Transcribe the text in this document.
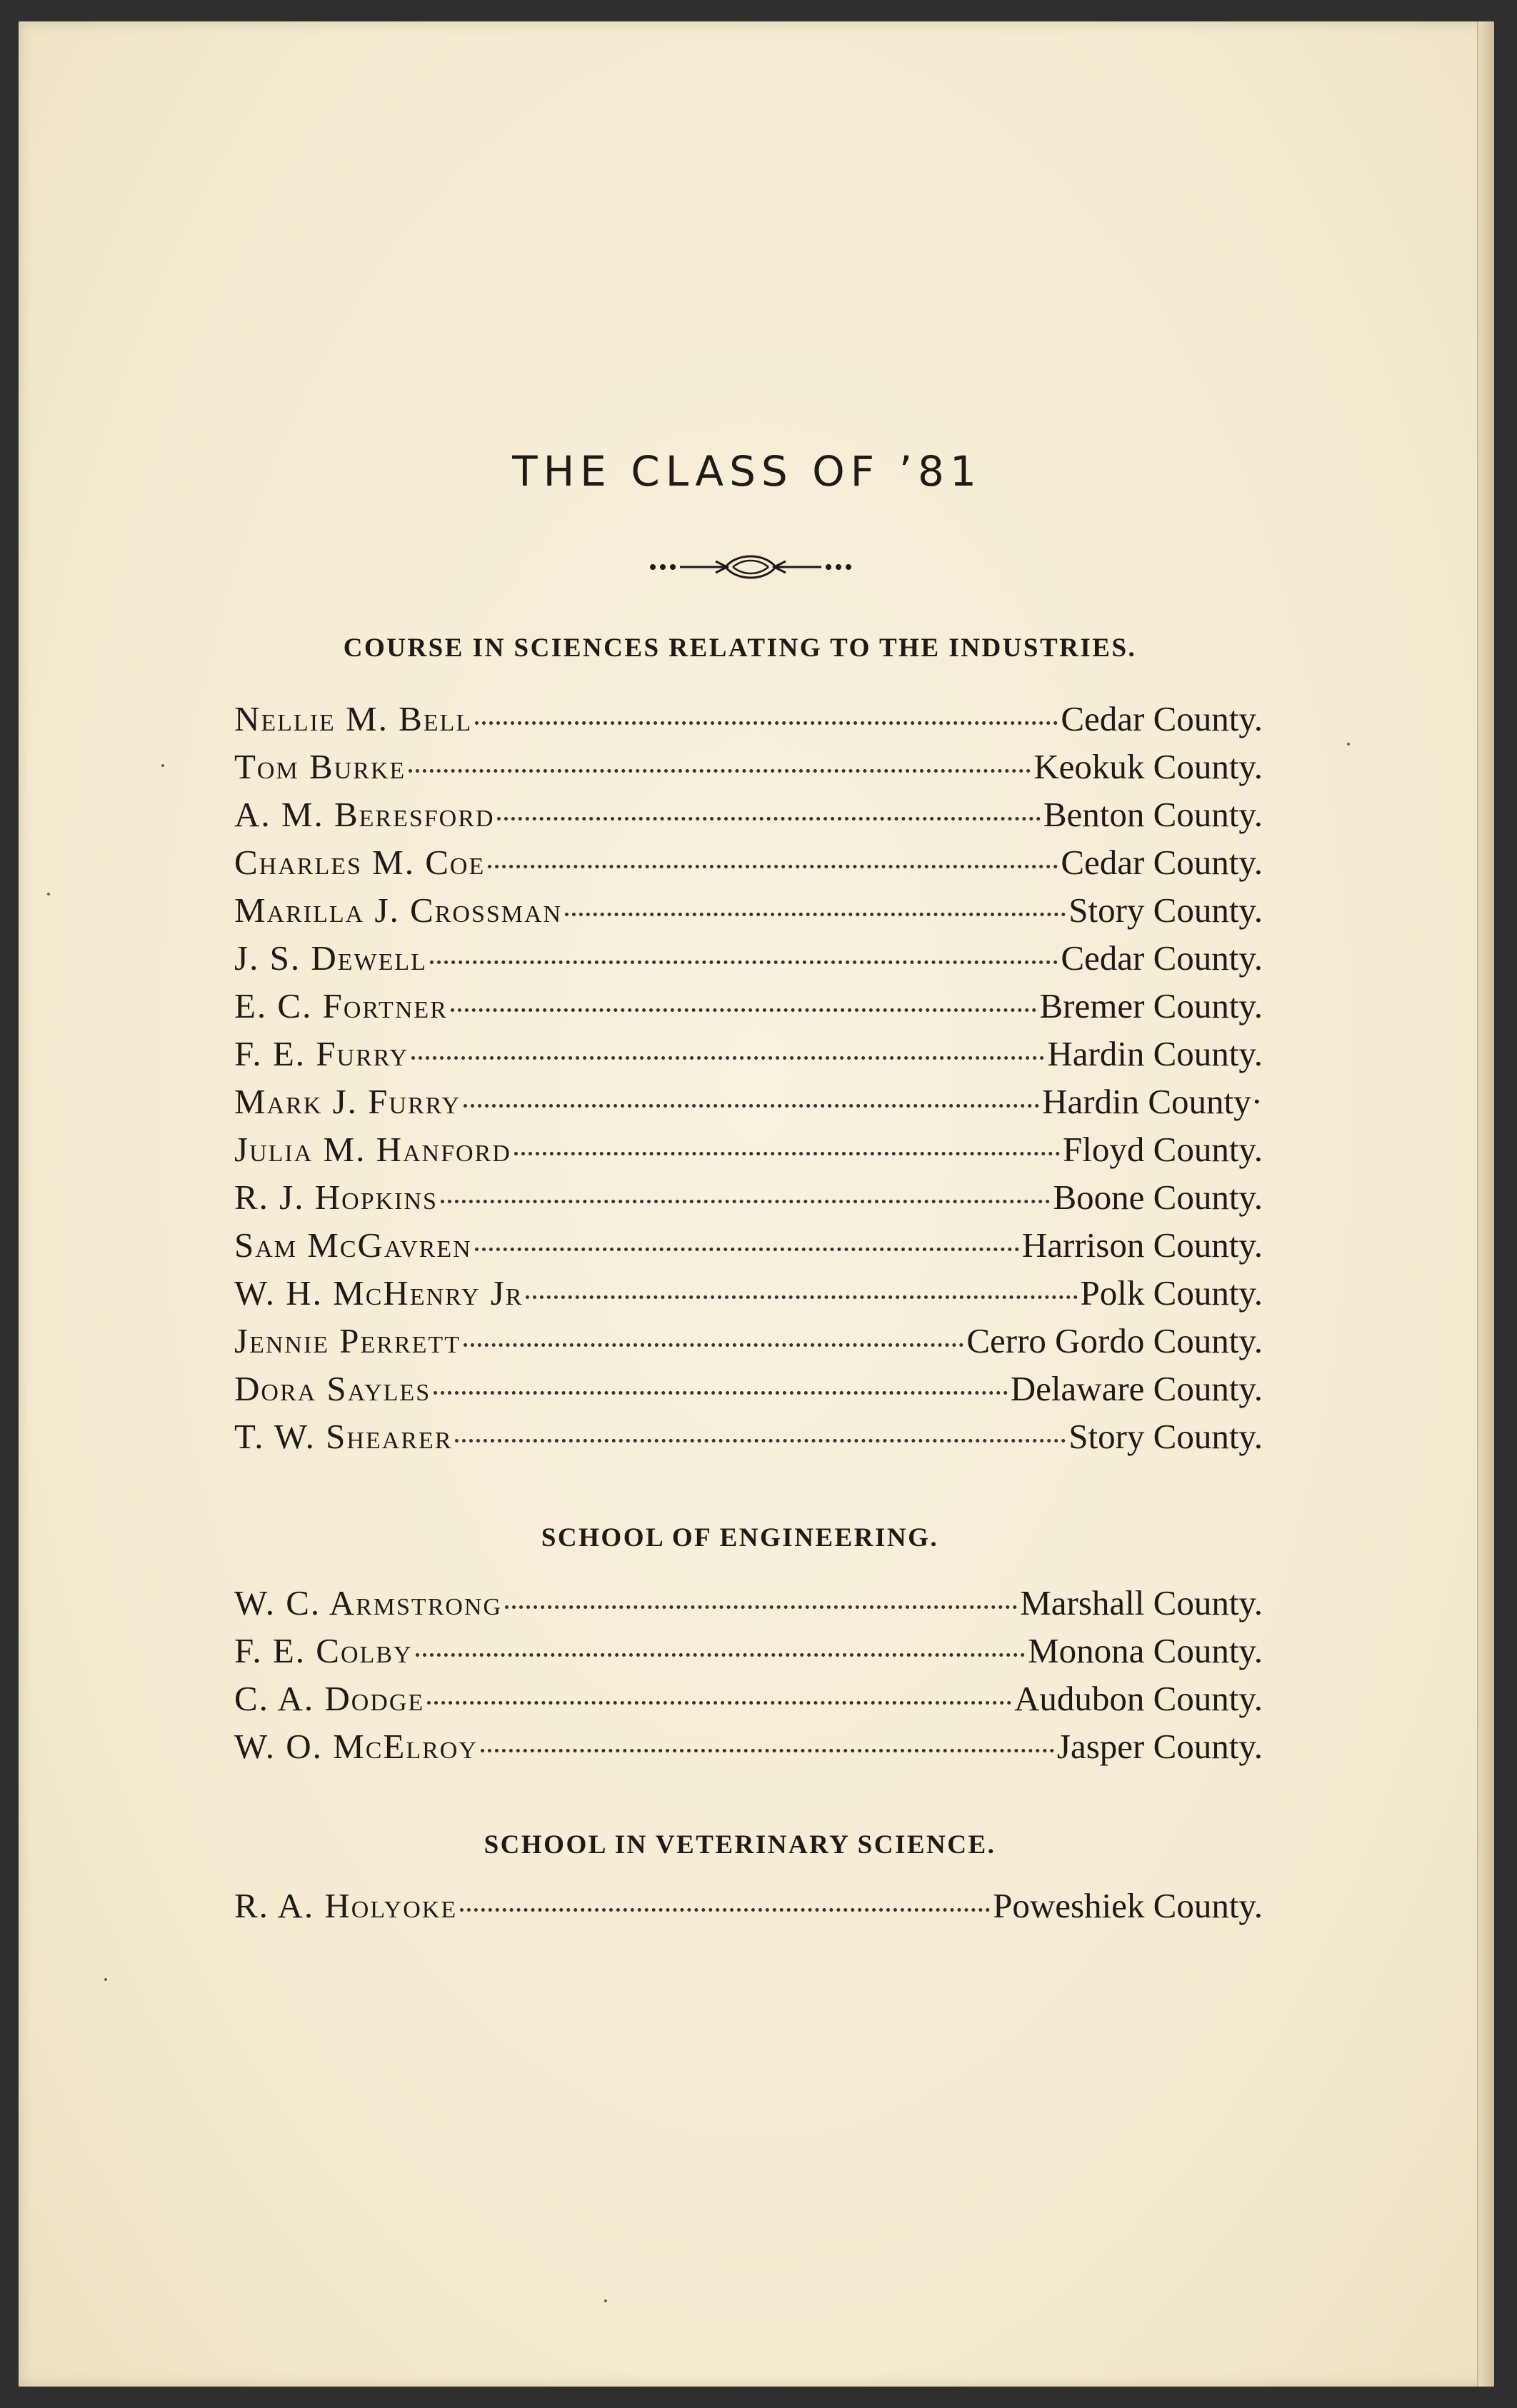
THE CLASS OF ’81
COURSE IN SCIENCES RELATING TO THE INDUSTRIES.
Nellie M. Bell	Cedar County.
Tom Burke	Keokuk County.
A. M. Beresford	Benton County.
Charles M. Coe	Cedar County.
Marilla J. Crossman	Story County.
J. S. Dewell	Cedar County.
E. C. Fortner	Bremer County.
F. E. Furry	Hardin County.
Mark J. Furry	Hardin County·
Julia M. Hanford	Floyd County.
R. J. Hopkins	Boone County.
Sam McGavren	Harrison County.
W. H. McHenry Jr	Polk County.
Jennie Perrett	Cerro Gordo County.
Dora Sayles	Delaware County.
T. W. Shearer	Story County.
SCHOOL OF ENGINEERING.
W. C. Armstrong	Marshall County.
F. E. Colby	Monona County.
C. A. Dodge	Audubon County.
W. O. McElroy	Jasper County.
SCHOOL IN VETERINARY SCIENCE.
R. A. Holyoke	Poweshiek County.
